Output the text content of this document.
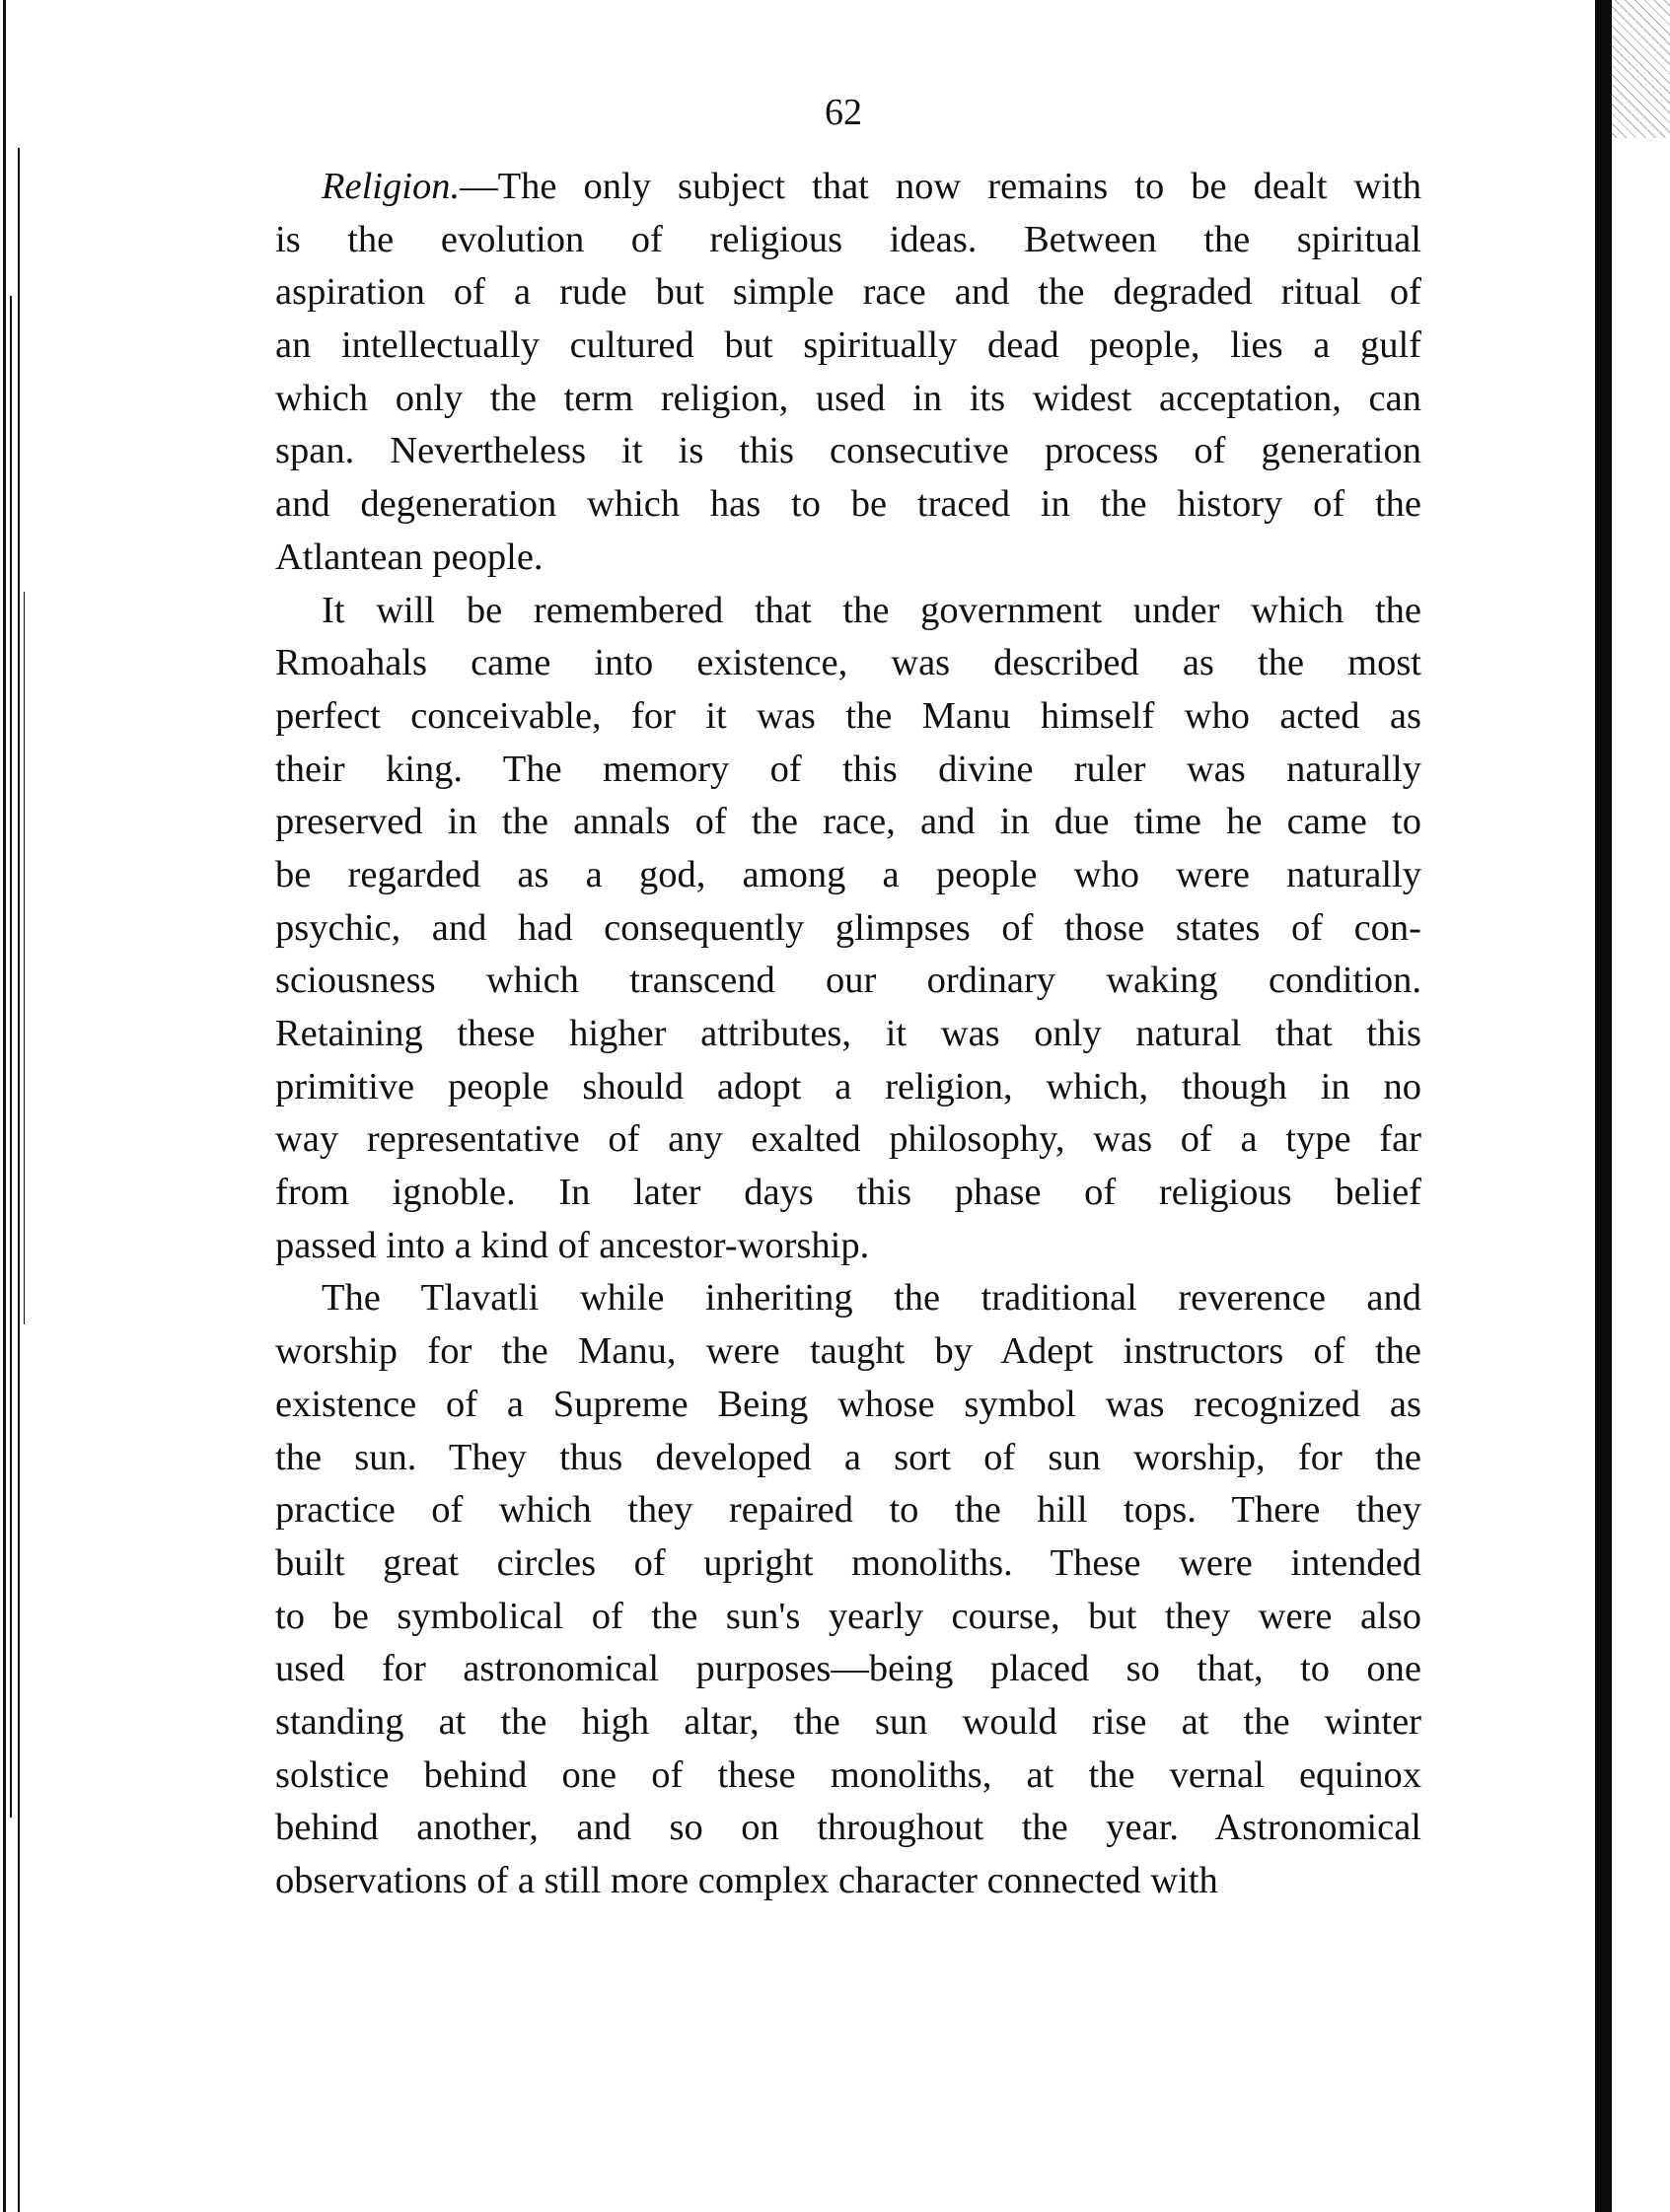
62
Religion.—The only subject that now remains to be dealt with
is the evolution of religious ideas. Between the spiritual
aspiration of a rude but simple race and the degraded ritual of
an intellectually cultured but spiritually dead people, lies a gulf
which only the term religion, used in its widest acceptation, can
span. Nevertheless it is this consecutive process of generation
and degeneration which has to be traced in the history of the
Atlantean people.
It will be remembered that the government under which the
Rmoahals came into existence, was described as the most
perfect conceivable, for it was the Manu himself who acted as
their king. The memory of this divine ruler was naturally
preserved in the annals of the race, and in due time he came to
be regarded as a god, among a people who were naturally
psychic, and had consequently glimpses of those states of con-
sciousness which transcend our ordinary waking condition.
Retaining these higher attributes, it was only natural that this
primitive people should adopt a religion, which, though in no
way representative of any exalted philosophy, was of a type far
from ignoble. In later days this phase of religious belief
passed into a kind of ancestor-worship.
The Tlavatli while inheriting the traditional reverence and
worship for the Manu, were taught by Adept instructors of the
existence of a Supreme Being whose symbol was recognized as
the sun. They thus developed a sort of sun worship, for the
practice of which they repaired to the hill tops. There they
built great circles of upright monoliths. These were intended
to be symbolical of the sun's yearly course, but they were also
used for astronomical purposes—being placed so that, to one
standing at the high altar, the sun would rise at the winter
solstice behind one of these monoliths, at the vernal equinox
behind another, and so on throughout the year. Astronomical
observations of a still more complex character connected with
